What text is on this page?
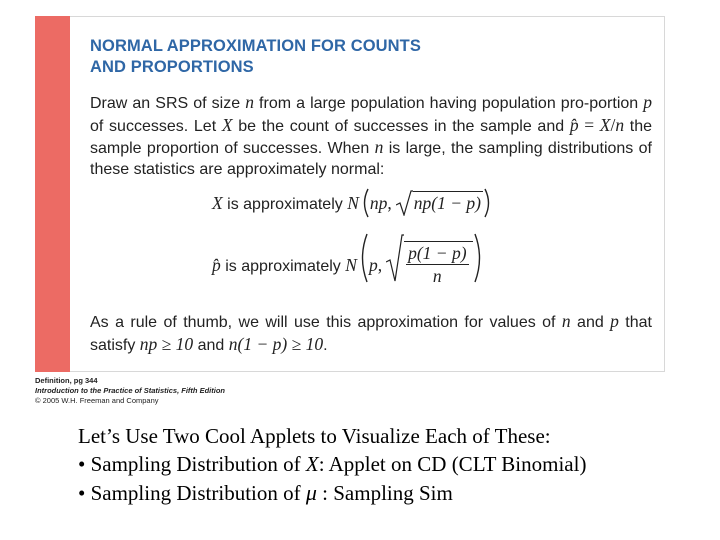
NORMAL APPROXIMATION FOR COUNTS
AND PROPORTIONS

Draw an SRS of size n from a large population having population pro-portion p of successes. Let X be the count of successes in the sample and p̂ = X/n the sample proportion of successes. When n is large, the sampling distributions of these statistics are approximately normal:

X is approximately N np, np(1 − p)
p̂ is approximately N p, $\frac{p(1 - p)}{n}$

As a rule of thumb, we will use this approximation for values of n and p that satisfy np ≥ 10 and n(1 − p) ≥ 10.

Definition, pg 344
Introduction to the Practice of Statistics, Fifth Edition
© 2005 W.H. Freeman and Company

Let’s Use Two Cool Applets to Visualize Each of These:

• Sampling Distribution of X: Applet on CD (CLT Binomial)

• Sampling Distribution of μ : Sampling Sim
